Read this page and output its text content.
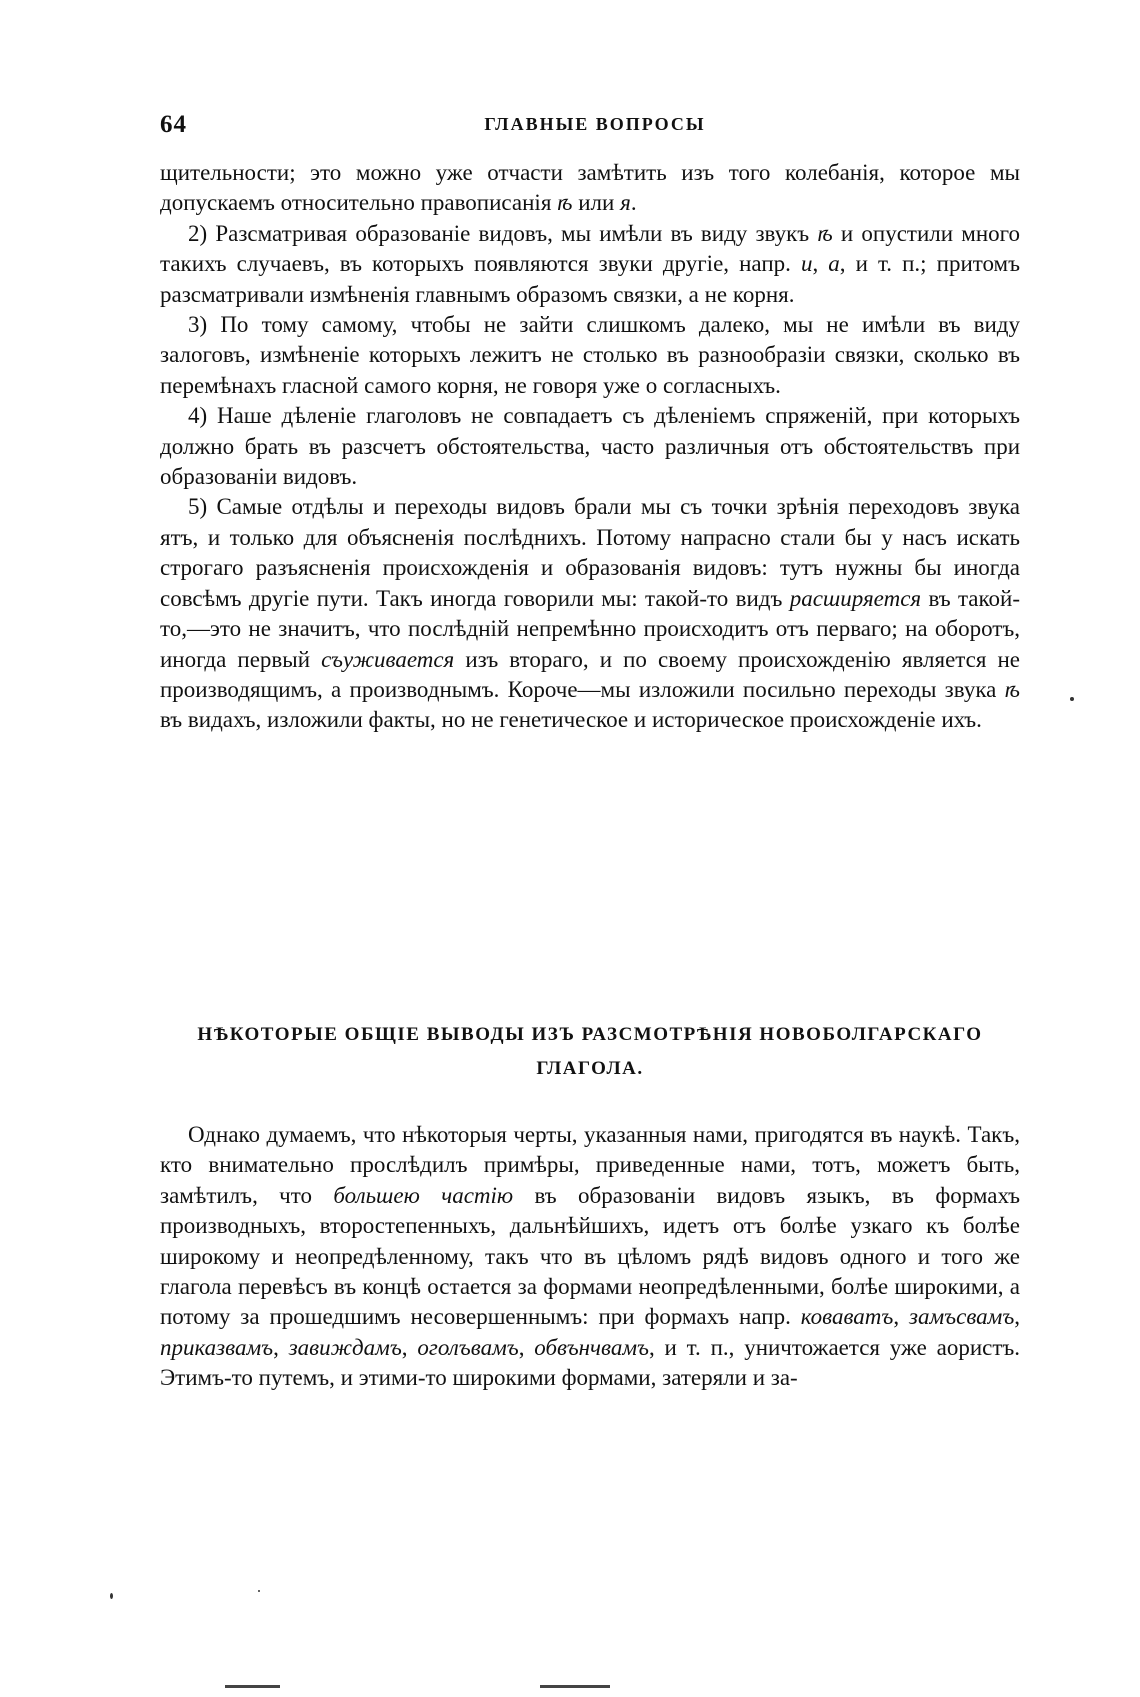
64	ГЛАВНЫЕ ВОПРОСЫ

щительности; это можно уже отчасти замѣтить изъ того колебанія, которое мы допускаемъ относительно правописанія ѣ или я.

2) Разсматривая образованіе видовъ, мы имѣли въ виду звукъ ѣ и опустили много такихъ случаевъ, въ которыхъ появляются звуки другіе, напр. и, а, и т. п.; притомъ разсматривали измѣненія главнымъ образомъ связки, а не корня.

3) По тому самому, чтобы не зайти слишкомъ далеко, мы не имѣли въ виду залоговъ, измѣненіе которыхъ лежитъ не столько въ разнообразіи связки, сколько въ перемѣнахъ гласной самого корня, не говоря уже о согласныхъ.

4) Наше дѣленіе глаголовъ не совпадаетъ съ дѣленіемъ спряженій, при которыхъ должно брать въ разсчетъ обстоятельства, часто различныя отъ обстоятельствъ при образованіи видовъ.

5) Самые отдѣлы и переходы видовъ брали мы съ точки зрѣнія переходовъ звука ятъ, и только для объясненія послѣднихъ. Потому напрасно стали бы у насъ искать строгаго разъясненія происхожденія и образованія видовъ: тутъ нужны бы иногда совсѣмъ другіе пути. Такъ иногда говорили мы: такой-то видъ расширяется въ такой-то,—это не значитъ, что послѣдній непремѣнно происходитъ отъ перваго; на оборотъ, иногда первый съуживается изъ втораго, и по своему происхожденію является не производящимъ, а производнымъ. Короче—мы изложили посильно переходы звука ѣ въ видахъ, изложили факты, но не генетическое и историческое происхожденіе ихъ.

НѢКОТОРЫЕ ОБЩІЕ ВЫВОДЫ ИЗЪ РАЗСМОТРѢНІЯ НОВОБОЛГАРСКАГО ГЛАГОЛА.

Однако думаемъ, что нѣкоторыя черты, указанныя нами, пригодятся въ наукѣ. Такъ, кто внимательно прослѣдилъ примѣры, приведенные нами, тотъ, можетъ быть, замѣтилъ, что большею частію въ образованіи видовъ языкъ, въ формахъ производныхъ, второстепенныхъ, дальнѣйшихъ, идетъ отъ болѣе узкаго къ болѣе широкому и неопредѣленному, такъ что въ цѣломъ рядѣ видовъ одного и того же глагола перевѣсъ въ концѣ остается за формами неопредѣленными, болѣе широкими, а потому за прошедшимъ несовершеннымъ: при формахъ напр. коваваmъ, замъсвамъ, приказвамъ, завиждамъ, оголъвамъ, обвънчвамъ, и т. п., уничтожается уже аористъ. Этимъ-то путемъ, и этими-то широкими формами, затеряли и за-
